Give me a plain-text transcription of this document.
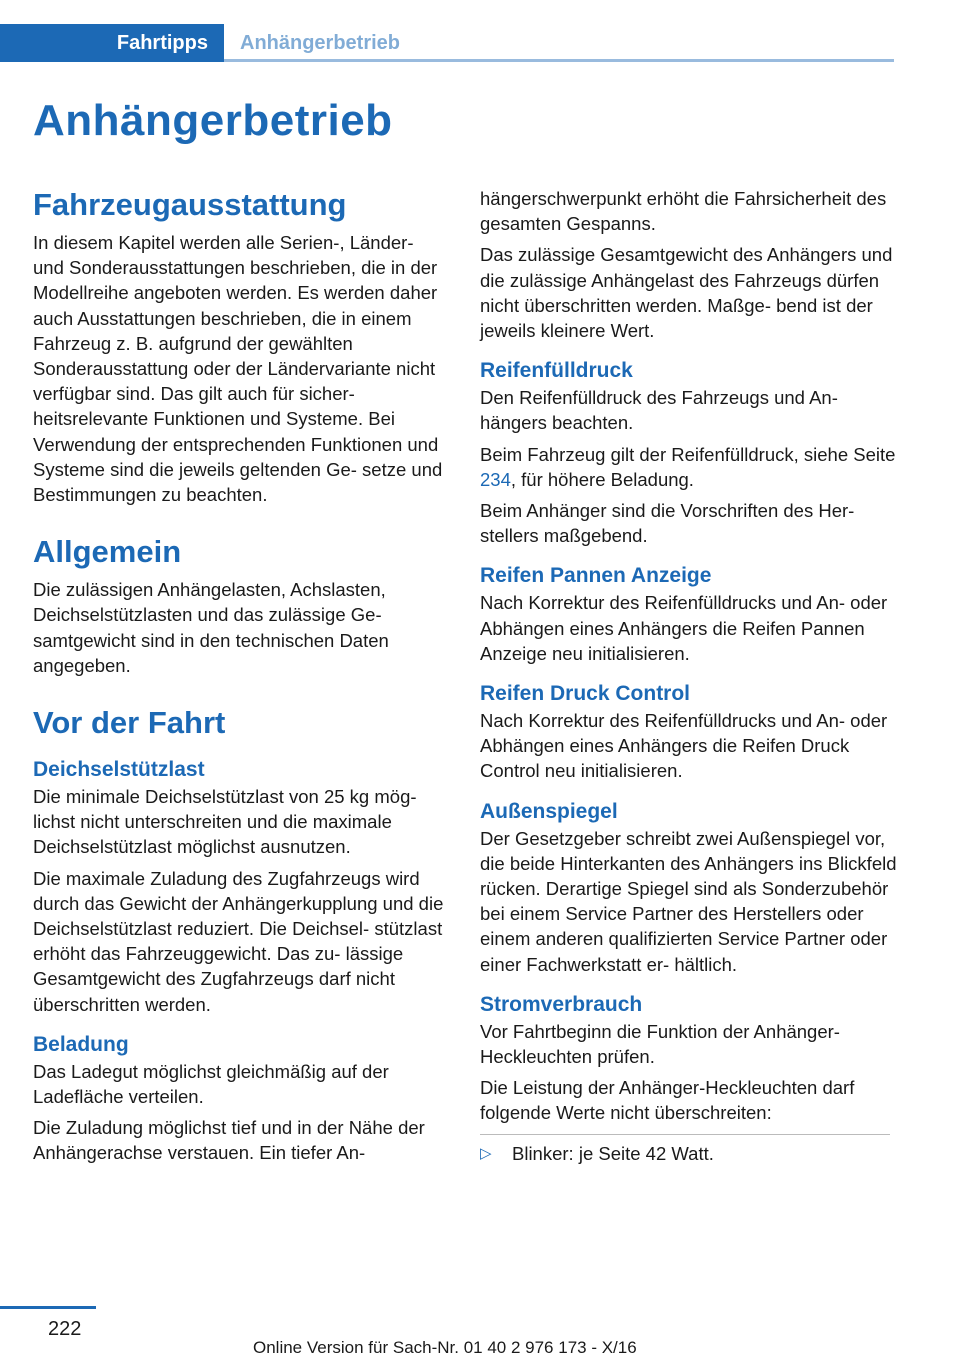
Fahrtipps	Anhängerbetrieb
Anhängerbetrieb
Fahrzeugausstattung

In diesem Kapitel werden alle Serien-, Länder- und Sonderausstattungen beschrieben, die in der Modellreihe angeboten werden. Es werden daher auch Ausstattungen beschrieben, die in einem Fahrzeug z. B. aufgrund der gewählten Sonderausstattung oder der Ländervariante nicht verfügbar sind. Das gilt auch für sicher- heitsrelevante Funktionen und Systeme. Bei Verwendung der entsprechenden Funktionen und Systeme sind die jeweils geltenden Ge- setze und Bestimmungen zu beachten.

Allgemein

Die zulässigen Anhängelasten, Achslasten, Deichselstützlasten und das zulässige Ge- samtgewicht sind in den technischen Daten angegeben.

Vor der Fahrt
Deichselstützlast

Die minimale Deichselstützlast von 25 kg mög- lichst nicht unterschreiten und die maximale Deichselstützlast möglichst ausnutzen.

Die maximale Zuladung des Zugfahrzeugs wird durch das Gewicht der Anhängerkupplung und die Deichselstützlast reduziert. Die Deichsel- stützlast erhöht das Fahrzeuggewicht. Das zu- lässige Gesamtgewicht des Zugfahrzeugs darf nicht überschritten werden.

Beladung

Das Ladegut möglichst gleichmäßig auf der Ladefläche verteilen.

Die Zuladung möglichst tief und in der Nähe der Anhängerachse verstauen. Ein tiefer An-

hängerschwerpunkt erhöht die Fahrsicherheit des gesamten Gespanns.

Das zulässige Gesamtgewicht des Anhängers und die zulässige Anhängelast des Fahrzeugs dürfen nicht überschritten werden. Maßge- bend ist der jeweils kleinere Wert.

Reifenfülldruck

Den Reifenfülldruck des Fahrzeugs und An- hängers beachten.

Beim Fahrzeug gilt der Reifenfülldruck, siehe Seite 234, für höhere Beladung.

Beim Anhänger sind die Vorschriften des Her- stellers maßgebend.

Reifen Pannen Anzeige

Nach Korrektur des Reifenfülldrucks und An- oder Abhängen eines Anhängers die Reifen Pannen Anzeige neu initialisieren.

Reifen Druck Control

Nach Korrektur des Reifenfülldrucks und An- oder Abhängen eines Anhängers die Reifen Druck Control neu initialisieren.

Außenspiegel

Der Gesetzgeber schreibt zwei Außenspiegel vor, die beide Hinterkanten des Anhängers ins Blickfeld rücken. Derartige Spiegel sind als Sonderzubehör bei einem Service Partner des Herstellers oder einem anderen qualifizierten Service Partner oder einer Fachwerkstatt er- hältlich.

Stromverbrauch

Vor Fahrtbeginn die Funktion der Anhänger- Heckleuchten prüfen.

Die Leistung der Anhänger-Heckleuchten darf folgende Werte nicht überschreiten:

▷	Blinker: je Seite 42 Watt.
222
Online Version für Sach-Nr. 01 40 2 976 173 - X/16
